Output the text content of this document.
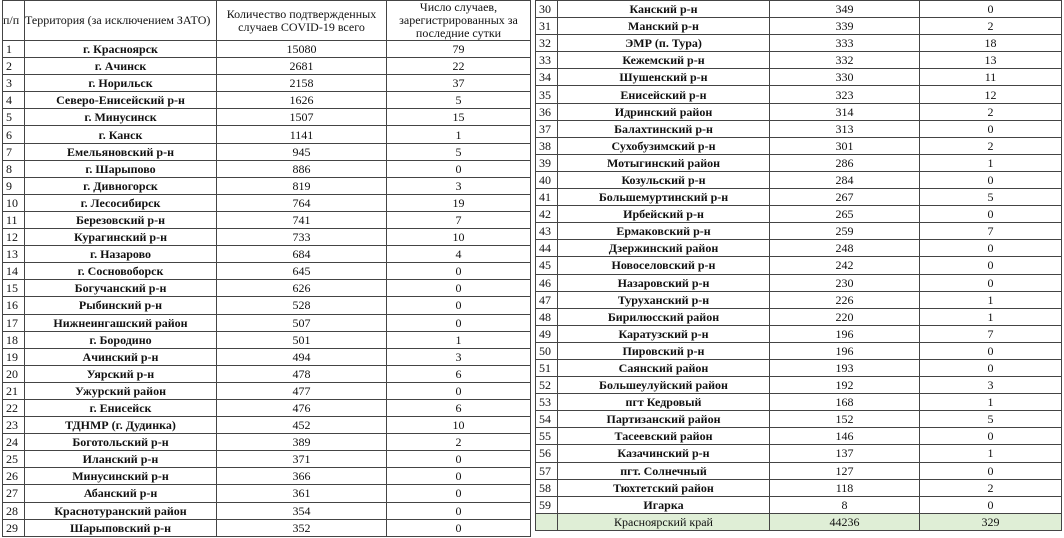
п/п	Территория (за исключением ЗАТО)	Количество подтвержденных случаев COVID-19 всего	Число случаев, зарегистрированных за последние сутки
1	г. Красноярск	15080	79
2	г. Ачинск	2681	22
3	г. Норильск	2158	37
4	Северо-Енисейский р-н	1626	5
5	г. Минусинск	1507	15
6	г. Канск	1141	1
7	Емельяновский р-н	945	5
8	г. Шарыпово	886	0
9	г. Дивногорск	819	3
10	г. Лесосибирск	764	19
11	Березовский р-н	741	7
12	Курагинский р-н	733	10
13	г. Назарово	684	4
14	г. Сосновоборск	645	0
15	Богучанский р-н	626	0
16	Рыбинский р-н	528	0
17	Нижнеингашский район	507	0
18	г. Бородино	501	1
19	Ачинский р-н	494	3
20	Уярский р-н	478	6
21	Ужурский район	477	0
22	г. Енисейск	476	6
23	ТДНМР (г. Дудинка)	452	10
24	Боготольский р-н	389	2
25	Иланский р-н	371	0
26	Минусинский р-н	366	0
27	Абанский р-н	361	0
28	Краснотуранский район	354	0
29	Шарыповский р-н	352	0
30	Канский р-н	349	0
31	Манский р-н	339	2
32	ЭМР (п. Тура)	333	18
33	Кежемский р-н	332	13
34	Шушенский р-н	330	11
35	Енисейский р-н	323	12
36	Идринский район	314	2
37	Балахтинский р-н	313	0
38	Сухобузимский р-н	301	2
39	Мотыгинский район	286	1
40	Козульский р-н	284	0
41	Большемуртинский р-н	267	5
42	Ирбейский р-н	265	0
43	Ермаковский р-н	259	7
44	Дзержинский район	248	0
45	Новоселовский р-н	242	0
46	Назаровский р-н	230	0
47	Туруханский р-н	226	1
48	Бирилюсский район	220	1
49	Каратузский р-н	196	7
50	Пировский р-н	196	0
51	Саянский район	193	0
52	Большеулуйский район	192	3
53	пгт Кедровый	168	1
54	Партизанский район	152	5
55	Тасеевский район	146	0
56	Казачинский р-н	137	1
57	пгт. Солнечный	127	0
58	Тюхтетский район	118	2
59	Игарка	8	0
	Красноярский край	44236	329
